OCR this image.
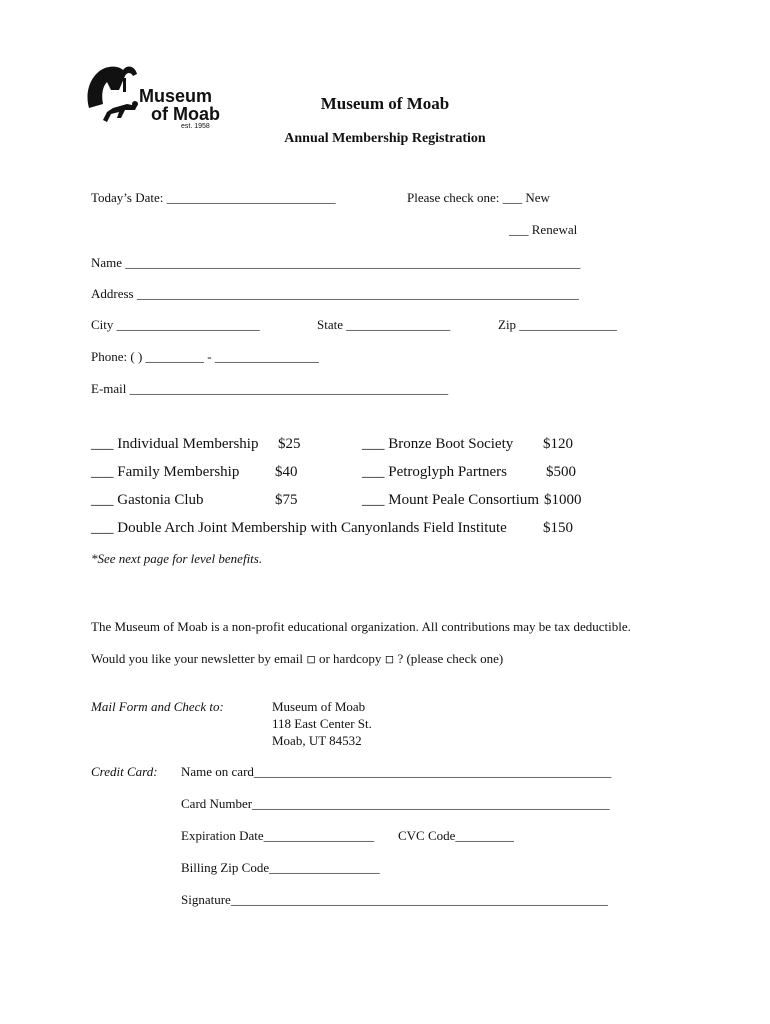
Museum
of Moab
est. 1958
Museum of Moab
Annual Membership Registration
Today’s Date: __________________________	Please check one: ___ New
___ Renewal
Name ______________________________________________________________________
Address ____________________________________________________________________
City ______________________	State ________________	Zip _______________
Phone: ( ) _________ - ________________
E-mail _________________________________________________
___ Individual Membership $25	___ Bronze Boot Society $120
___ Family Membership $40	___ Petroglyph Partners	$500
___ Gastonia Club	$75	___ Mount Peale Consortium $1000
___ Double Arch Joint Membership with Canyonlands Field Institute $150
*See next page for level benefits.
The Museum of Moab is a non-profit educational organization. All contributions may be tax deductible.
Would you like your newsletter by email ◽ or hardcopy ◽ ? (please check one)
Mail Form and Check to:	Museum of Moab
118 East Center St.
Moab, UT 84532
Credit Card: Name on card_______________________________________________________
Card Number_______________________________________________________
Expiration Date_________________ CVC Code_________
Billing Zip Code_________________
Signature__________________________________________________________
